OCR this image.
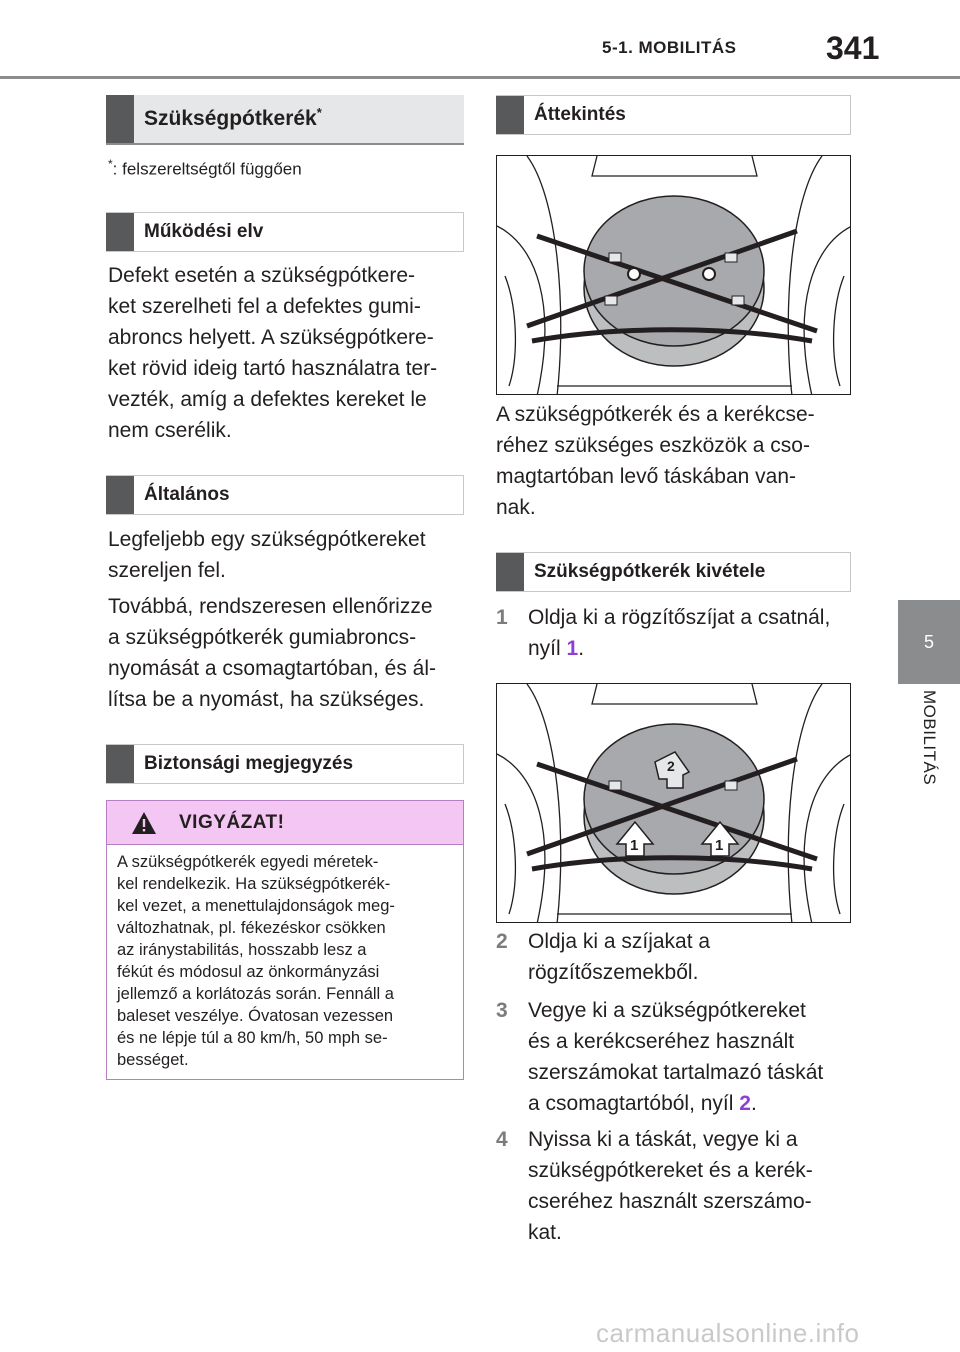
5-1. MOBILITÁS	341
5
MOBILITÁS
Szükségpótkerék*
*: felszereltségtől függően
Működési elv
Defekt esetén a szükségpótkere-
ket szerelheti fel a defektes gumi-
abroncs helyett. A szükségpótkere-
ket rövid ideig tartó használatra ter-
vezték, amíg a defektes kereket le
nem cserélik.
Általános
Legfeljebb egy szükségpótkereket
szereljen fel.
Továbbá, rendszeresen ellenőrizze
a szükségpótkerék gumiabroncs-
nyomását a csomagtartóban, és ál-
lítsa be a nyomást, ha szükséges.
Biztonsági megjegyzés
VIGYÁZAT!
A szükségpótkerék egyedi méretek-
kel rendelkezik. Ha szükségpótkerék-
kel vezet, a menettulajdonságok meg-
változhatnak, pl. fékezéskor csökken
az iránystabilitás, hosszabb lesz a
fékút és módosul az önkormányzási
jellemző a korlátozás során. Fennáll a
baleset veszélye. Óvatosan vezessen
és ne lépje túl a 80 km/h, 50 mph se-
bességet.
Áttekintés
A szükségpótkerék és a kerékcse-
réhez szükséges eszközök a cso-
magtartóban levő táskában van-
nak.
Szükségpótkerék kivétele
1 Oldja ki a rögzítőszíjat a csatnál,
nyíl 1.
2
1	1
2 Oldja ki a szíjakat a
rögzítőszemekből.
3 Vegye ki a szükségpótkereket
és a kerékcseréhez használt
szerszámokat tartalmazó táskát
a csomagtartóból, nyíl 2.
4 Nyissa ki a táskát, vegye ki a
szükségpótkereket és a kerék-
cseréhez használt szerszámo-
kat.
carmanualsonline.info
